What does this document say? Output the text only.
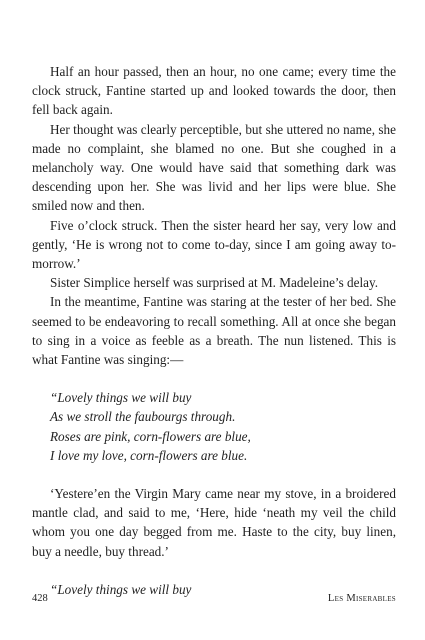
Half an hour passed, then an hour, no one came; every time the clock struck, Fantine started up and looked towards the door, then fell back again.

Her thought was clearly perceptible, but she uttered no name, she made no complaint, she blamed no one. But she coughed in a melancholy way. One would have said that something dark was descending upon her. She was livid and her lips were blue. She smiled now and then.

Five o’clock struck. Then the sister heard her say, very low and gently, ‘He is wrong not to come to-day, since I am going away to-morrow.’

Sister Simplice herself was surprised at M. Madeleine’s delay.

In the meantime, Fantine was staring at the tester of her bed. She seemed to be endeavoring to recall something. All at once she began to sing in a voice as feeble as a breath. The nun listened. This is what Fantine was singing:—

“Lovely things we will buy
As we stroll the faubourgs through.
Roses are pink, corn-flowers are blue,
I love my love, corn-flowers are blue.

‘Yestere’en the Virgin Mary came near my stove, in a broidered mantle clad, and said to me, ‘Here, hide ‘neath my veil the child whom you one day begged from me. Haste to the city, buy linen, buy a needle, buy thread.’

“Lovely things we will buy
428	Les Miserables
